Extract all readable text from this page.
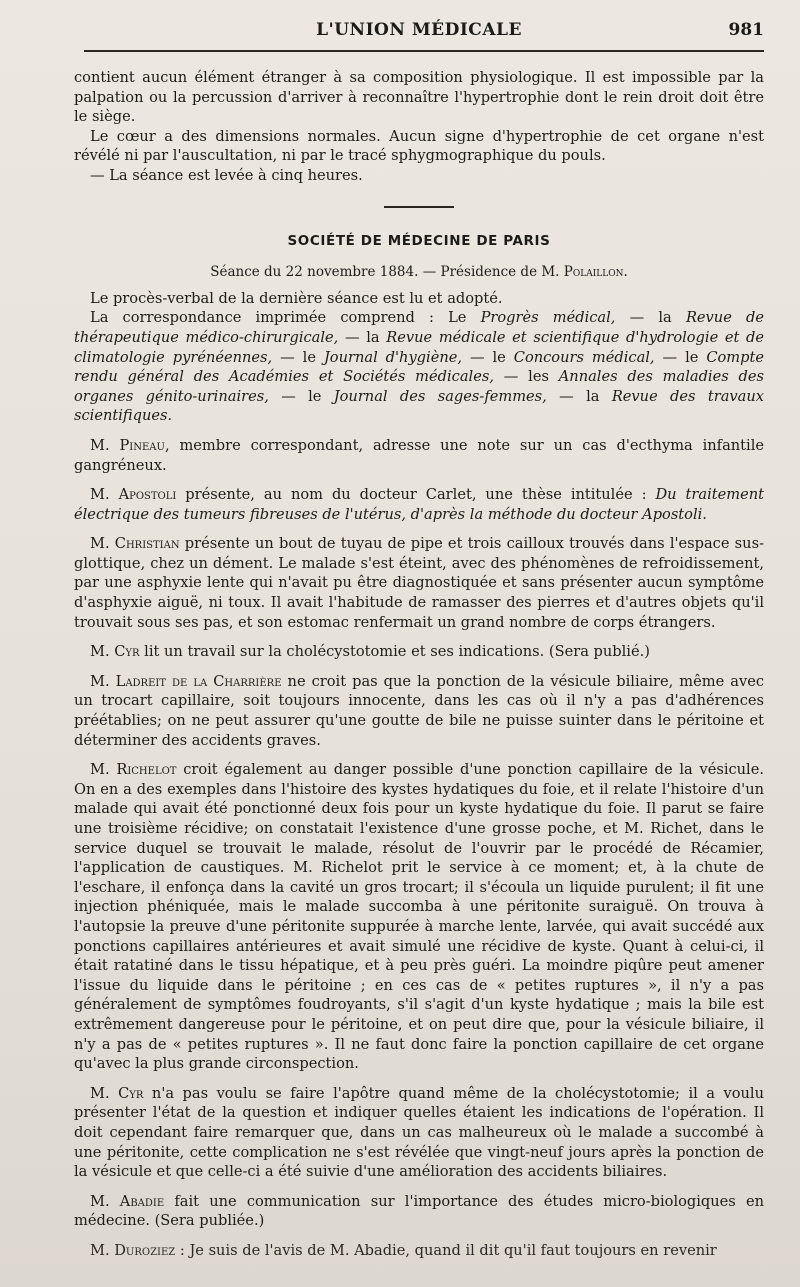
L'UNION MÉDICALE	981

contient aucun élément étranger à sa composition physiologique. Il est impossible par la palpation ou la percussion d'arriver à reconnaître l'hypertrophie dont le rein droit doit être le siège.

Le cœur a des dimensions normales. Aucun signe d'hypertrophie de cet organe n'est révélé ni par l'auscultation, ni par le tracé sphygmographique du pouls.

— La séance est levée à cinq heures.

SOCIÉTÉ DE MÉDECINE DE PARIS
Séance du 22 novembre 1884. — Présidence de M. Polaillon.

Le procès-verbal de la dernière séance est lu et adopté.

La correspondance imprimée comprend : Le Progrès médical, — la Revue de thérapeutique médico-chirurgicale, — la Revue médicale et scientifique d'hydrologie et de climatologie pyrénéennes, — le Journal d'hygiène, — le Concours médical, — le Compte rendu général des Académies et Sociétés médicales, — les Annales des maladies des organes génito-urinaires, — le Journal des sages-femmes, — la Revue des travaux scientifiques.

M. Pineau, membre correspondant, adresse une note sur un cas d'ecthyma infantile gangréneux.

M. Apostoli présente, au nom du docteur Carlet, une thèse intitulée : Du traitement électrique des tumeurs fibreuses de l'utérus, d'après la méthode du docteur Apostoli.

M. Christian présente un bout de tuyau de pipe et trois cailloux trouvés dans l'espace sus-glottique, chez un dément. Le malade s'est éteint, avec des phénomènes de refroidissement, par une asphyxie lente qui n'avait pu être diagnostiquée et sans présenter aucun symptôme d'asphyxie aiguë, ni toux. Il avait l'habitude de ramasser des pierres et d'autres objets qu'il trouvait sous ses pas, et son estomac renfermait un grand nombre de corps étrangers.

M. Cyr lit un travail sur la cholécystotomie et ses indications. (Sera publié.)

M. Ladreit de la Charrière ne croit pas que la ponction de la vésicule biliaire, même avec un trocart capillaire, soit toujours innocente, dans les cas où il n'y a pas d'adhérences préétablies; on ne peut assurer qu'une goutte de bile ne puisse suinter dans le péritoine et déterminer des accidents graves.

M. Richelot croit également au danger possible d'une ponction capillaire de la vésicule. On en a des exemples dans l'histoire des kystes hydatiques du foie, et il relate l'histoire d'un malade qui avait été ponctionné deux fois pour un kyste hydatique du foie. Il parut se faire une troisième récidive; on constatait l'existence d'une grosse poche, et M. Richet, dans le service duquel se trouvait le malade, résolut de l'ouvrir par le procédé de Récamier, l'application de caustiques. M. Richelot prit le service à ce moment; et, à la chute de l'eschare, il enfonça dans la cavité un gros trocart; il s'écoula un liquide purulent; il fit une injection phéniquée, mais le malade succomba à une péritonite suraiguë. On trouva à l'autopsie la preuve d'une péritonite suppurée à marche lente, larvée, qui avait succédé aux ponctions capillaires antérieures et avait simulé une récidive de kyste. Quant à celui-ci, il était ratatiné dans le tissu hépatique, et à peu près guéri. La moindre piqûre peut amener l'issue du liquide dans le péritoine ; en ces cas de « petites ruptures », il n'y a pas généralement de symptômes foudroyants, s'il s'agit d'un kyste hydatique ; mais la bile est extrêmement dangereuse pour le péritoine, et on peut dire que, pour la vésicule biliaire, il n'y a pas de « petites ruptures ». Il ne faut donc faire la ponction capillaire de cet organe qu'avec la plus grande circonspection.

M. Cyr n'a pas voulu se faire l'apôtre quand même de la cholécystotomie; il a voulu présenter l'état de la question et indiquer quelles étaient les indications de l'opération. Il doit cependant faire remarquer que, dans un cas malheureux où le malade a succombé à une péritonite, cette complication ne s'est révélée que vingt-neuf jours après la ponction de la vésicule et que celle-ci a été suivie d'une amélioration des accidents biliaires.

M. Abadie fait une communication sur l'importance des études micro-biologiques en médecine. (Sera publiée.)

M. Duroziez : Je suis de l'avis de M. Abadie, quand il dit qu'il faut toujours en revenir
